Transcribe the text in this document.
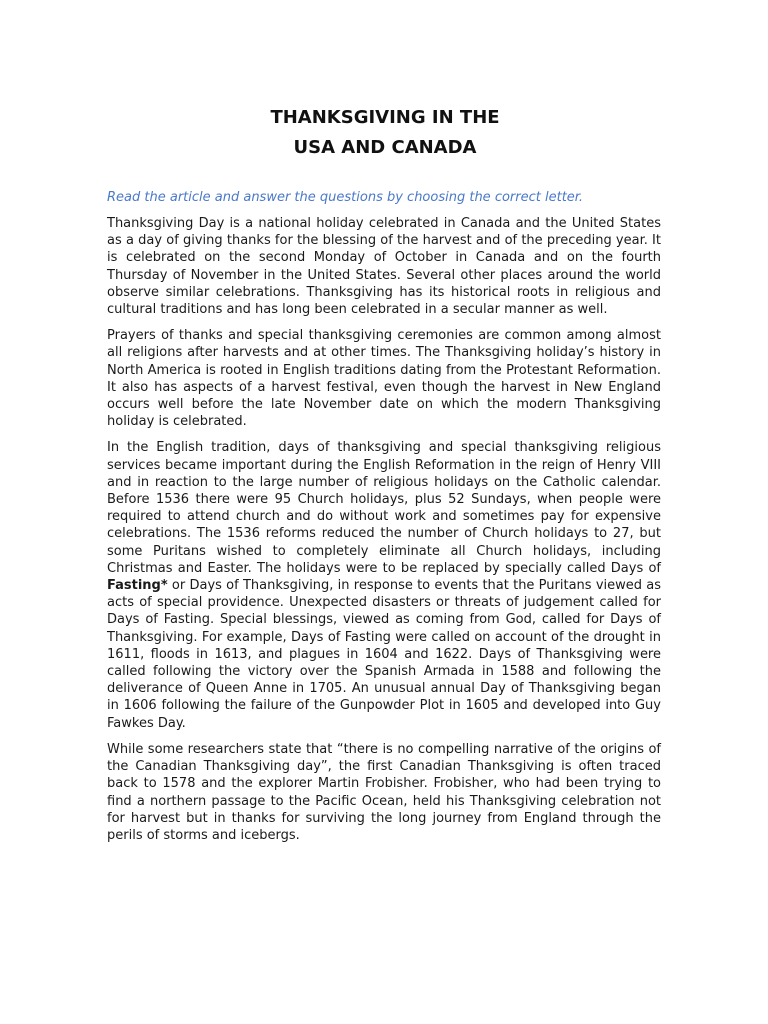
THANKSGIVING IN THE
USA AND CANADA

Read the article and answer the questions by choosing the correct letter.

Thanksgiving Day is a national holiday celebrated in Canada and the United States as a day of giving thanks for the blessing of the harvest and of the preceding year. It is celebrated on the second Monday of October in Canada and on the fourth Thursday of November in the United States. Several other places around the world observe similar celebrations. Thanksgiving has its historical roots in religious and cultural traditions and has long been celebrated in a secular manner as well.

Prayers of thanks and special thanksgiving ceremonies are common among almost all religions after harvests and at other times. The Thanksgiving holiday’s history in North America is rooted in English traditions dating from the Protestant Reformation. It also has aspects of a harvest festival, even though the harvest in New England occurs well before the late November date on which the modern Thanksgiving holiday is celebrated.

In the English tradition, days of thanksgiving and special thanksgiving religious services became important during the English Reformation in the reign of Henry VIII and in reaction to the large number of religious holidays on the Catholic calendar. Before 1536 there were 95 Church holidays, plus 52 Sundays, when people were required to attend church and do without work and sometimes pay for expensive celebrations. The 1536 reforms reduced the number of Church holidays to 27, but some Puritans wished to completely eliminate all Church holidays, including Christmas and Easter. The holidays were to be replaced by specially called Days of Fasting* or Days of Thanksgiving, in response to events that the Puritans viewed as acts of special providence. Unexpected disasters or threats of judgement called for Days of Fasting. Special blessings, viewed as coming from God, called for Days of Thanksgiving. For example, Days of Fasting were called on account of the drought in 1611, floods in 1613, and plagues in 1604 and 1622. Days of Thanksgiving were called following the victory over the Spanish Armada in 1588 and following the deliverance of Queen Anne in 1705. An unusual annual Day of Thanksgiving began in 1606 following the failure of the Gunpowder Plot in 1605 and developed into Guy Fawkes Day.

While some researchers state that “there is no compelling narrative of the origins of the Canadian Thanksgiving day”, the first Canadian Thanksgiving is often traced back to 1578 and the explorer Martin Frobisher. Frobisher, who had been trying to find a northern passage to the Pacific Ocean, held his Thanksgiving celebration not for harvest but in thanks for surviving the long journey from England through the perils of storms and icebergs.
